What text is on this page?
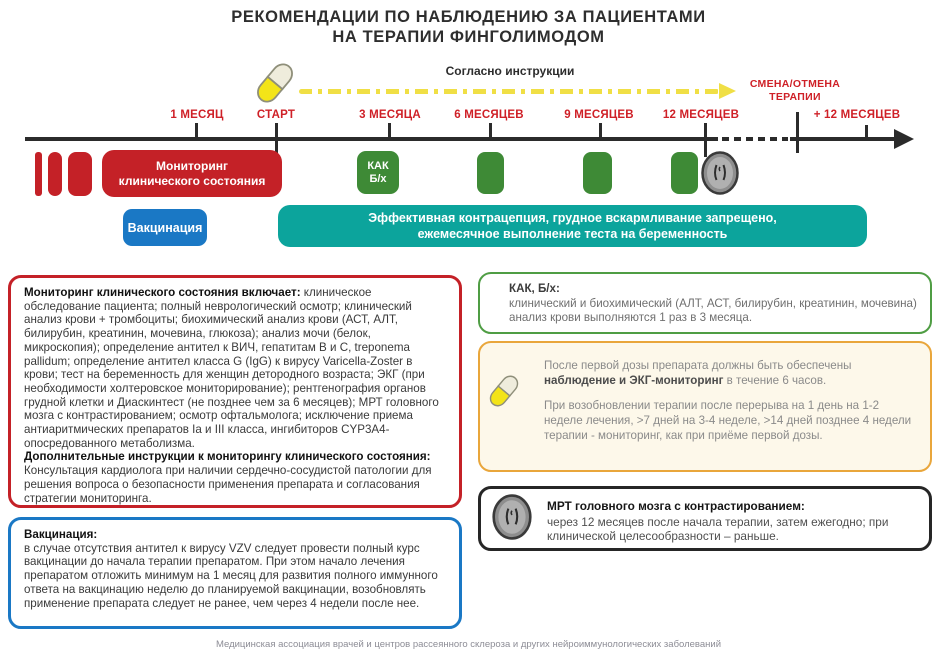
РЕКОМЕНДАЦИИ ПО НАБЛЮДЕНИЮ ЗА ПАЦИЕНТАМИ
НА ТЕРАПИИ ФИНГОЛИМОДОМ
Согласно инструкции
СМЕНА/ОТМЕНА
ТЕРАПИИ
1 МЕСЯЦ	СТАРТ	3 МЕСЯЦА	6 МЕСЯЦЕВ	9 МЕСЯЦЕВ	12 МЕСЯЦЕВ	+ 12 МЕСЯЦЕВ
Мониторинг
клинического состояния
КАК
Б/х
Вакцинация
Эффективная контрацепция, грудное вскармливание запрещено,
ежемесячное выполнение теста на беременность
Мониторинг клинического состояния включает: клиническое обследование пациента; полный неврологический осмотр; клинический анализ крови + тромбоциты; биохимический анализ крови (АСТ, АЛТ, билирубин, креатинин, мочевина, глюкоза); анализ мочи (белок, микроскопия); определение антител к ВИЧ, гепатитам В и С, treponema pallidum; определение антител класса G (IgG) к вирусу Varicella-Zoster в крови; тест на беременность для женщин детородного возраста; ЭКГ (при необходимости холтеровское мониторирование); рентгенография органов грудной клетки и Диаскинтест (не позднее чем за 6 месяцев); МРТ головного мозга с контрастированием; осмотр офтальмолога; исключение приема антиаритмических препаратов Ia и III класса, ингибиторов CYP3A4-опосредованного метаболизма.
Дополнительные инструкции к мониторингу клинического состояния:
Консультация кардиолога при наличии сердечно-сосудистой патологии для решения вопроса о безопасности применения препарата и согласования стратегии мониторинга.
Вакцинация:
в случае отсутствия антител к вирусу VZV следует провести полный курс вакцинации до начала терапии препаратом. При этом начало лечения препаратом отложить минимум на 1 месяц для развития полного иммунного ответа на вакцинацию неделю до планируемой вакцинации, возобновлять применение препарата следует не ранее, чем через 4 недели после нее.
КАК, Б/х:
клинический и биохимический (АЛТ, АСТ, билирубин, креатинин, мочевина) анализ крови выполняются 1 раз в 3 месяца.

После первой дозы препарата должны быть обеспечены наблюдение и ЭКГ-мониторинг в течение 6 часов.

При возобновлении терапии после перерыва на 1 день на 1-2 неделе лечения, >7 дней на 3-4 неделе, >14 дней позднее 4 недели терапии - мониторинг, как при приёме первой дозы.

МРТ головного мозга с контрастированием:
через 12 месяцев после начала терапии, затем ежегодно; при клинической целесообразности – раньше.
Медицинская ассоциация врачей и центров рассеянного склероза и других нейроиммунологических заболеваний
